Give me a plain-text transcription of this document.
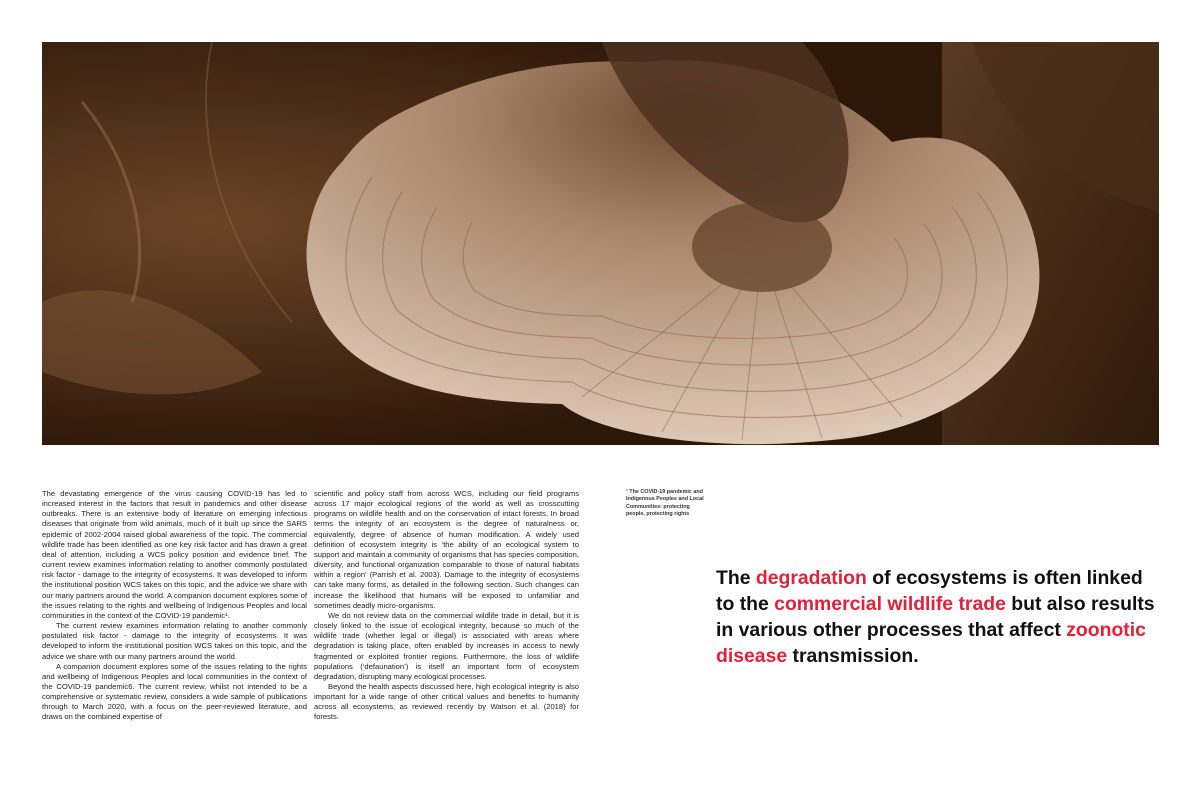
The devastating emergence of the virus causing COVID-19 has led to increased interest in the factors that result in pandemics and other disease outbreaks. There is an extensive body of literature on emerging infectious diseases that originate from wild animals, much of it built up since the SARS epidemic of 2002-2004 raised global awareness of the topic. The commercial wildlife trade has been identified as one key risk factor and has drawn a great deal of attention, including a WCS policy position and evidence brief. The current review examines information relating to another commonly postulated risk factor - damage to the integrity of ecosystems. It was developed to inform the institutional position WCS takes on this topic, and the advice we share with our many partners around the world. A companion document explores some of the issues relating to the rights and wellbeing of Indigenous Peoples and local communities in the context of the COVID-19 pandemic¹.

The current review examines information relating to another commonly postulated risk factor - damage to the integrity of ecosystems. It was developed to inform the institutional position WCS takes on this topic, and the advice we share with our many partners around the world.

A companion document explores some of the issues relating to the rights and wellbeing of Indigenous Peoples and local communities in the context of the COVID-19 pandemic6. The current review, whilst not intended to be a comprehensive or systematic review, considers a wide sample of publications through to March 2020, with a focus on the peer-reviewed literature, and draws on the combined expertise of

scientific and policy staff from across WCS, including our field programs across 17 major ecological regions of the world as well as crosscutting programs on wildlife health and on the conservation of intact forests. In broad terms the integrity of an ecosystem is the degree of naturalness or, equivalently, degree of absence of human modification. A widely used definition of ecosystem integrity is ‘the ability of an ecological system to support and maintain a community of organisms that has species composition, diversity, and functional organization comparable to those of natural habitats within a region’ (Parrish et al. 2003). Damage to the integrity of ecosystems can take many forms, as detailed in the following section. Such changes can increase the likelihood that humans will be exposed to unfamiliar and sometimes deadly micro-organisms.

We do not review data on the commercial wildlife trade in detail, but it is closely linked to the issue of ecological integrity, because so much of the wildlife trade (whether legal or illegal) is associated with areas where degradation is taking place, often enabled by increases in access to newly fragmented or exploited frontier regions. Furthermore, the loss of wildlife populations (‘defaunation’) is itself an important form of ecosystem degradation, disrupting many ecological processes.

Beyond the health aspects discussed here, high ecological integrity is also important for a wide range of other critical values and benefits to humanity across all ecosystems, as reviewed recently by Watson et al. (2018) for forests.

¹ The COVID-19 pandemic and Indigenous Peoples and Local Communities: protecting people, protecting rights
The degradation of ecosystems is often linked to the commercial wildlife trade but also results in various other processes that affect zoonotic disease transmission.
